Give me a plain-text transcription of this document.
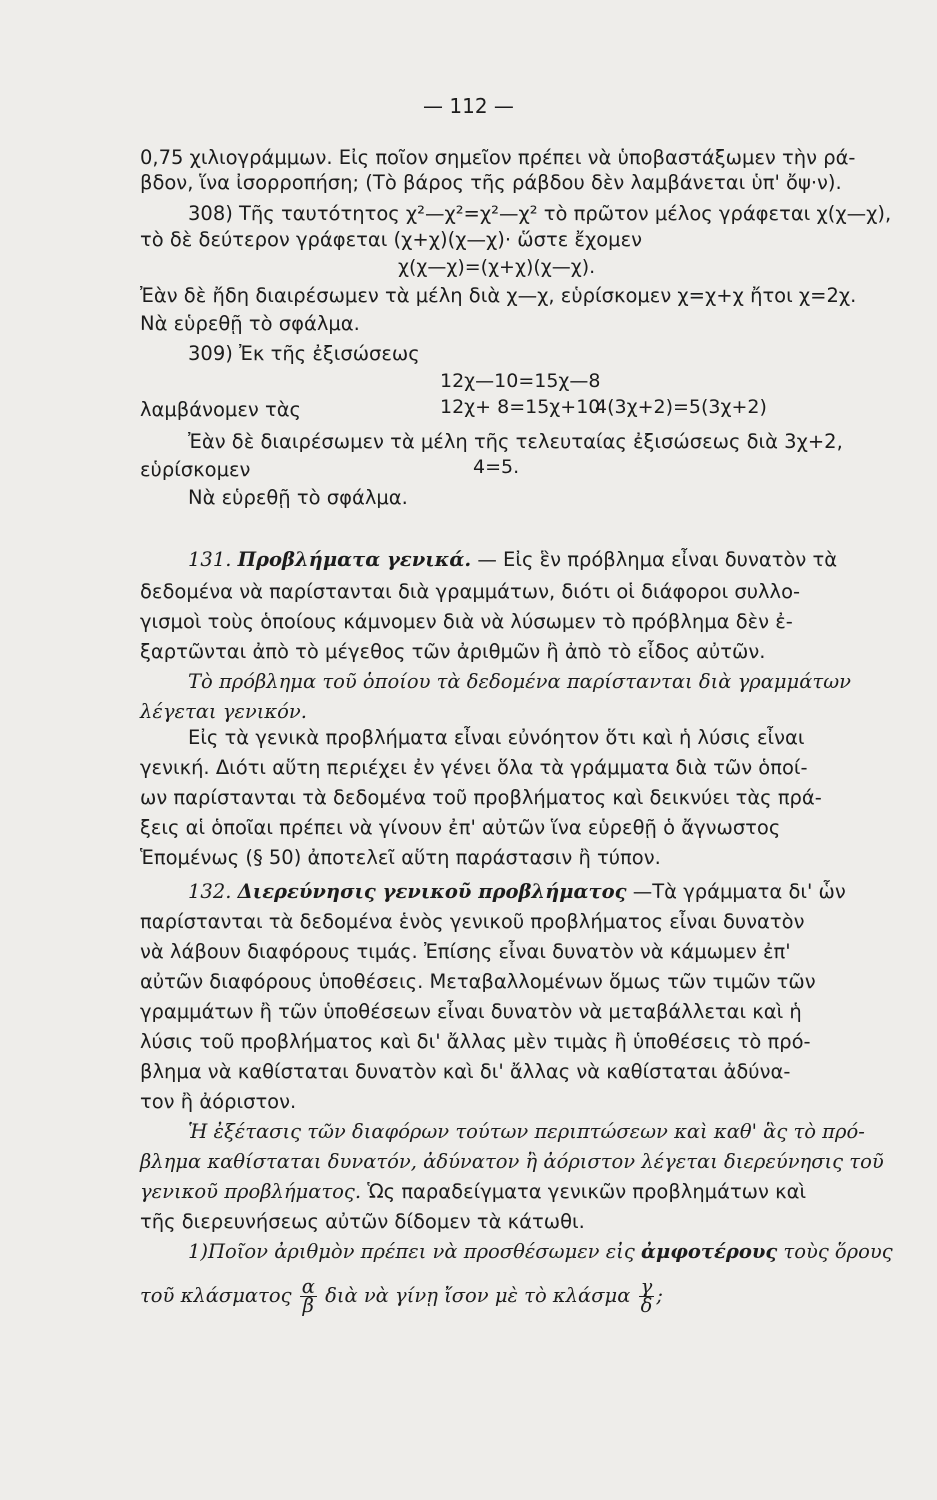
— 112 —
0,75 χιλιογράμμων. Εἰς ποῖον σημεῖον πρέπει νὰ ὑποβαστάξωμεν τὴν ρά-
βδον, ἵνα ἰσορροπήση; (Τὸ βάρος τῆς ράβδου δὲν λαμβάνεται ὑπ' ὄψ·ν).
308) Τῆς ταυτότητος χ²—χ²=χ²—χ² τὸ πρῶτον μέλος γράφεται χ(χ—χ),
τὸ δὲ δεύτερον γράφεται (χ+χ)(χ—χ)· ὥστε ἔχομεν
χ(χ—χ)=(χ+χ)(χ—χ).
Ἐὰν δὲ ἤδη διαιρέσωμεν τὰ μέλη διὰ χ—χ, εὑρίσκομεν χ=χ+χ ἤτοι χ=2χ.
Νὰ εὑρεθῇ τὸ σφάλμα.
309) Ἐκ τῆς ἐξισώσεως
12χ—10=15χ—8
λαμβάνομεν τὰς	12χ+ 8=15χ+10
4(3χ+2)=5(3χ+2)
Ἐὰν δὲ διαιρέσωμεν τὰ μέλη τῆς τελευταίας ἐξισώσεως διὰ 3χ+2,
εὑρίσκομεν	4=5.
Νὰ εὑρεθῇ τὸ σφάλμα.
131. Προβλήματα γενικά. — Εἰς ἓν πρόβλημα εἶναι δυνατὸν τὰ
δεδομένα νὰ παρίστανται διὰ γραμμάτων, διότι οἱ διάφοροι συλλο-
γισμοὶ τοὺς ὁποίους κάμνομεν διὰ νὰ λύσωμεν τὸ πρόβλημα δὲν ἐ-
ξαρτῶνται ἀπὸ τὸ μέγεθος τῶν ἀριθμῶν ἢ ἀπὸ τὸ εἶδος αὐτῶν.
Τὸ πρόβλημα τοῦ ὁποίου τὰ δεδομένα παρίστανται διὰ γραμμάτων
λέγεται γενικόν.
Εἰς τὰ γενικὰ προβλήματα εἶναι εὐνόητον ὅτι καὶ ἡ λύσις εἶναι
γενική. Διότι αὕτη περιέχει ἐν γένει ὅλα τὰ γράμματα διὰ τῶν ὁποί-
ων παρίστανται τὰ δεδομένα τοῦ προβλήματος καὶ δεικνύει τὰς πρά-
ξεις αἱ ὁποῖαι πρέπει νὰ γίνουν ἐπ' αὐτῶν ἵνα εὑρεθῇ ὁ ἄγνωστος
Ἑπομένως (§ 50) ἀποτελεῖ αὕτη παράστασιν ἢ τύπον.
132. Διερεύνησις γενικοῦ προβλήματος —Τὰ γράμματα δι' ὧν
παρίστανται τὰ δεδομένα ἑνὸς γενικοῦ προβλήματος εἶναι δυνατὸν
νὰ λάβουν διαφόρους τιμάς. Ἐπίσης εἶναι δυνατὸν νὰ κάμωμεν ἐπ'
αὐτῶν διαφόρους ὑποθέσεις. Μεταβαλλομένων ὅμως τῶν τιμῶν τῶν
γραμμάτων ἢ τῶν ὑποθέσεων εἶναι δυνατὸν νὰ μεταβάλλεται καὶ ἡ
λύσις τοῦ προβλήματος καὶ δι' ἄλλας μὲν τιμὰς ἢ ὑποθέσεις τὸ πρό-
βλημα νὰ καθίσταται δυνατὸν καὶ δι' ἄλλας νὰ καθίσταται ἀδύνα-
τον ἢ ἀόριστον.
Ἡ ἐξέτασις τῶν διαφόρων τούτων περιπτώσεων καὶ καθ' ἃς τὸ πρό-
βλημα καθίσταται δυνατόν, ἀδύνατον ἢ ἀόριστον λέγεται διερεύνησις τοῦ
γενικοῦ προβλήματος. Ὡς παραδείγματα γενικῶν προβλημάτων καὶ
τῆς διερευνήσεως αὐτῶν δίδομεν τὰ κάτωθι.
1)Ποῖον ἀριθμὸν πρέπει νὰ προσθέσωμεν εἰς ἀμφοτέρους τοὺς ὅρους
τοῦ κλάσματος $\frac{\alpha}{\beta}$ διὰ νὰ γίνῃ ἴσον μὲ τὸ κλάσμα $\frac{\gamma}{\delta}$ ;
